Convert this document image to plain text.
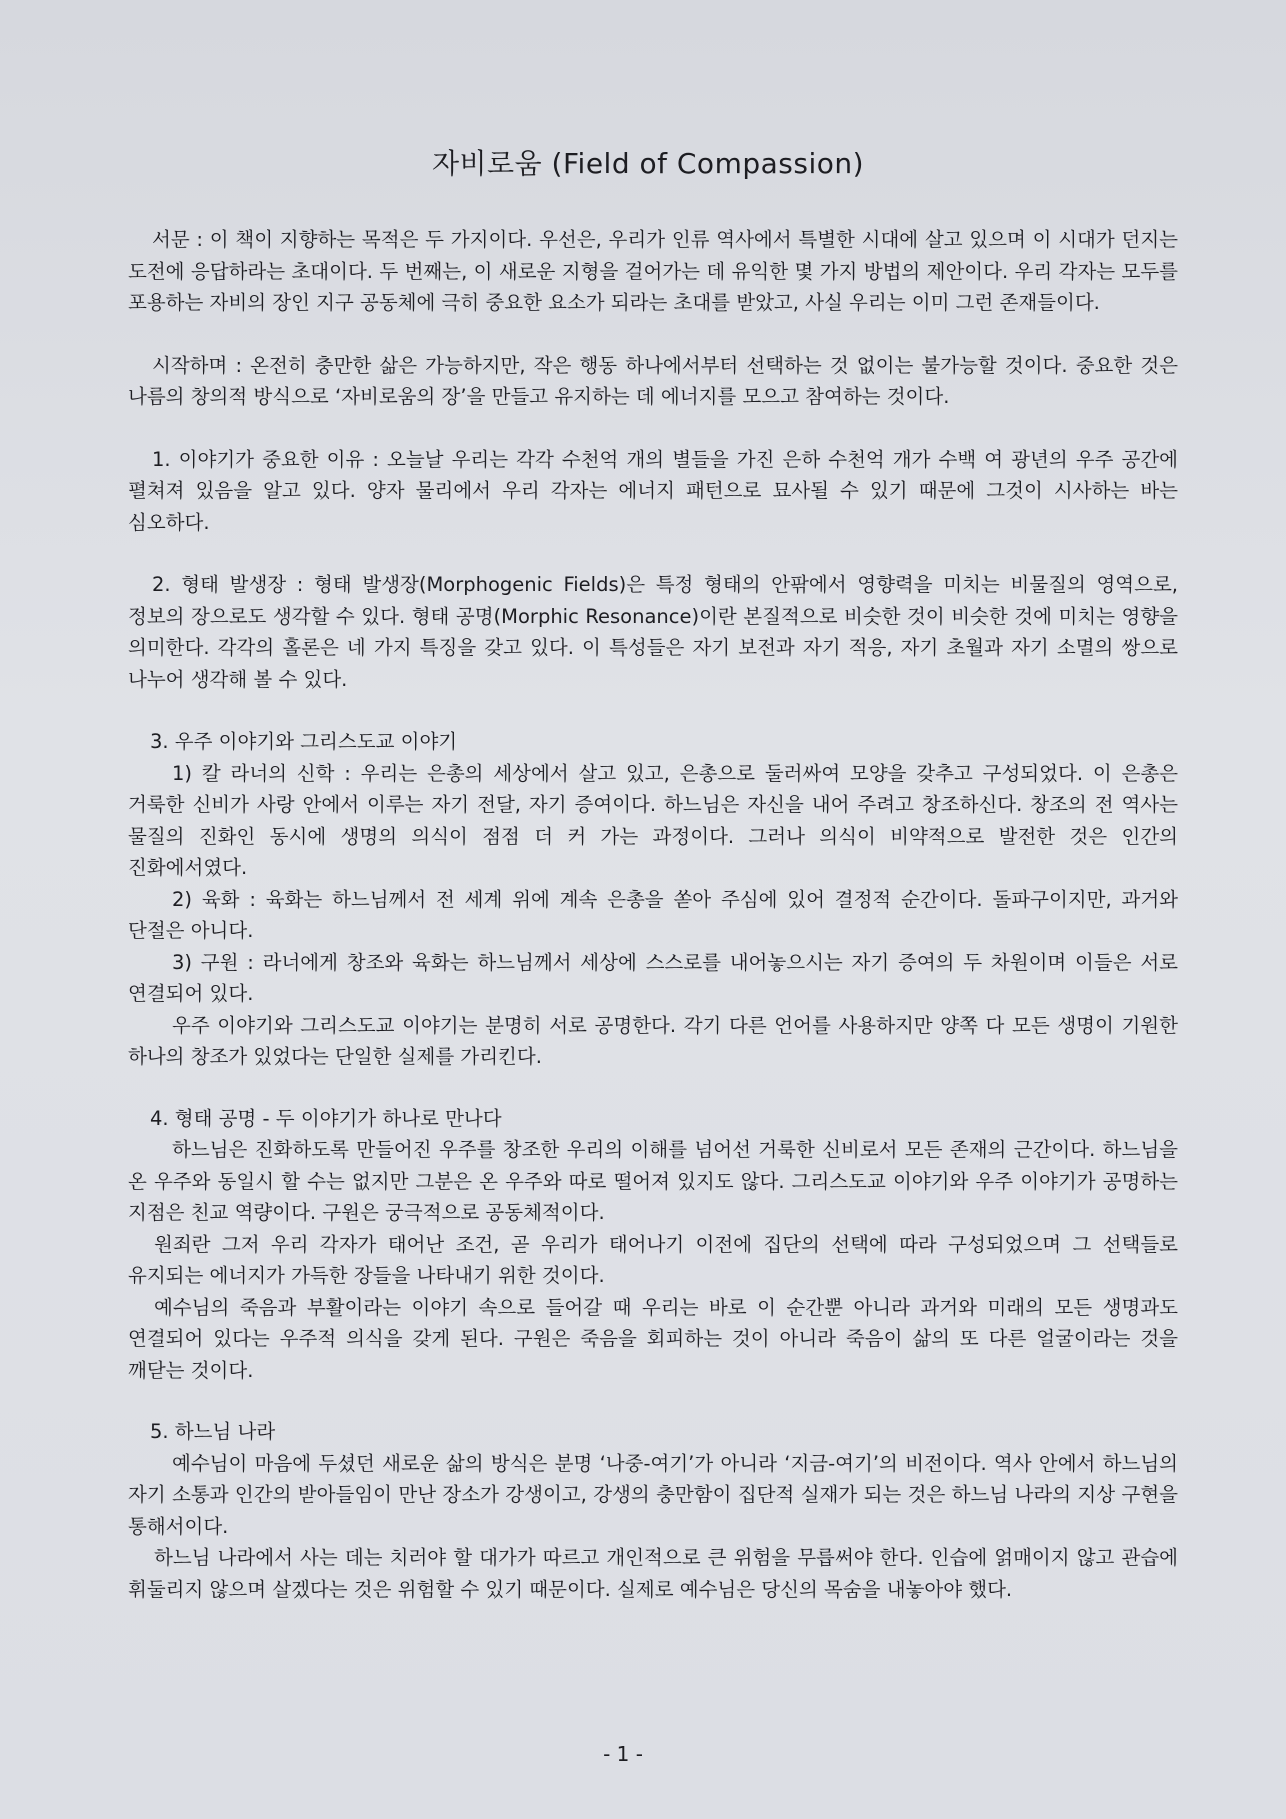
자비로움 (Field of Compassion)

서문 : 이 책이 지향하는 목적은 두 가지이다. 우선은, 우리가 인류 역사에서 특별한 시대에 살고 있으며 이 시대가 던지는 도전에 응답하라는 초대이다. 두 번째는, 이 새로운 지형을 걸어가는 데 유익한 몇 가지 방법의 제안이다. 우리 각자는 모두를 포용하는 자비의 장인 지구 공동체에 극히 중요한 요소가 되라는 초대를 받았고, 사실 우리는 이미 그런 존재들이다.

시작하며 : 온전히 충만한 삶은 가능하지만, 작은 행동 하나에서부터 선택하는 것 없이는 불가능할 것이다. 중요한 것은 나름의 창의적 방식으로 ‘자비로움의 장’을 만들고 유지하는 데 에너지를 모으고 참여하는 것이다.

1. 이야기가 중요한 이유 : 오늘날 우리는 각각 수천억 개의 별들을 가진 은하 수천억 개가 수백 여 광년의 우주 공간에 펼쳐져 있음을 알고 있다. 양자 물리에서 우리 각자는 에너지 패턴으로 묘사될 수 있기 때문에 그것이 시사하는 바는 심오하다.

2. 형태 발생장 : 형태 발생장(Morphogenic Fields)은 특정 형태의 안팎에서 영향력을 미치는 비물질의 영역으로, 정보의 장으로도 생각할 수 있다. 형태 공명(Morphic Resonance)이란 본질적으로 비슷한 것이 비슷한 것에 미치는 영향을 의미한다. 각각의 홀론은 네 가지 특징을 갖고 있다. 이 특성들은 자기 보전과 자기 적응, 자기 초월과 자기 소멸의 쌍으로 나누어 생각해 볼 수 있다.

3. 우주 이야기와 그리스도교 이야기

1) 칼 라너의 신학 : 우리는 은총의 세상에서 살고 있고, 은총으로 둘러싸여 모양을 갖추고 구성되었다. 이 은총은 거룩한 신비가 사랑 안에서 이루는 자기 전달, 자기 증여이다. 하느님은 자신을 내어 주려고 창조하신다. 창조의 전 역사는 물질의 진화인 동시에 생명의 의식이 점점 더 커 가는 과정이다. 그러나 의식이 비약적으로 발전한 것은 인간의 진화에서였다.

2) 육화 : 육화는 하느님께서 전 세계 위에 계속 은총을 쏟아 주심에 있어 결정적 순간이다. 돌파구이지만, 과거와 단절은 아니다.

3) 구원 : 라너에게 창조와 육화는 하느님께서 세상에 스스로를 내어놓으시는 자기 증여의 두 차원이며 이들은 서로 연결되어 있다.

우주 이야기와 그리스도교 이야기는 분명히 서로 공명한다. 각기 다른 언어를 사용하지만 양쪽 다 모든 생명이 기원한 하나의 창조가 있었다는 단일한 실제를 가리킨다.

4. 형태 공명 - 두 이야기가 하나로 만나다

하느님은 진화하도록 만들어진 우주를 창조한 우리의 이해를 넘어선 거룩한 신비로서 모든 존재의 근간이다. 하느님을 온 우주와 동일시 할 수는 없지만 그분은 온 우주와 따로 떨어져 있지도 않다. 그리스도교 이야기와 우주 이야기가 공명하는 지점은 친교 역량이다. 구원은 궁극적으로 공동체적이다.

원죄란 그저 우리 각자가 태어난 조건, 곧 우리가 태어나기 이전에 집단의 선택에 따라 구성되었으며 그 선택들로 유지되는 에너지가 가득한 장들을 나타내기 위한 것이다.

예수님의 죽음과 부활이라는 이야기 속으로 들어갈 때 우리는 바로 이 순간뿐 아니라 과거와 미래의 모든 생명과도 연결되어 있다는 우주적 의식을 갖게 된다. 구원은 죽음을 회피하는 것이 아니라 죽음이 삶의 또 다른 얼굴이라는 것을 깨닫는 것이다.

5. 하느님 나라

예수님이 마음에 두셨던 새로운 삶의 방식은 분명 ‘나중-여기’가 아니라 ‘지금-여기’의 비전이다. 역사 안에서 하느님의 자기 소통과 인간의 받아들임이 만난 장소가 강생이고, 강생의 충만함이 집단적 실재가 되는 것은 하느님 나라의 지상 구현을 통해서이다.

하느님 나라에서 사는 데는 치러야 할 대가가 따르고 개인적으로 큰 위험을 무릅써야 한다. 인습에 얽매이지 않고 관습에 휘둘리지 않으며 살겠다는 것은 위험할 수 있기 때문이다. 실제로 예수님은 당신의 목숨을 내놓아야 했다.

- 1 -
